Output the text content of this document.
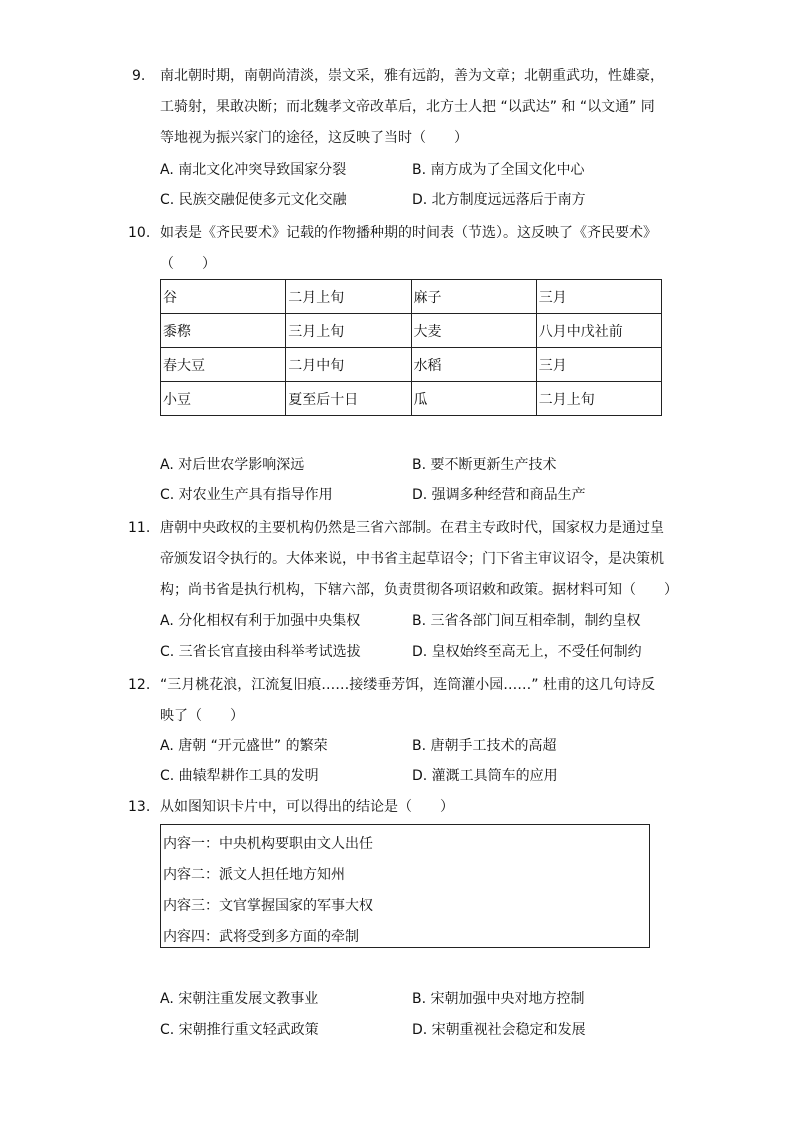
9.	南北朝时期，南朝尚清淡，崇文采，雅有远韵，善为文章；北朝重武功，性雄豪，
工骑射，果敢决断；而北魏孝文帝改革后，北方士人把 “以武达” 和 “以文通” 同
等地视为振兴家门的途径，这反映了当时（　　）
A. 南北文化冲突导致国家分裂	B. 南方成为了全国文化中心
C. 民族交融促使多元文化交融	D. 北方制度远远落后于南方
10. 如表是《齐民要术》记载的作物播种期的时间表（节选）。这反映了《齐民要术》
（　　）
谷	二月上旬	麻子	三月
黍穄	三月上旬	大麦	八月中戊社前
春大豆	二月中旬	水稻	三月
小豆	夏至后十日	瓜	二月上旬
A. 对后世农学影响深远	B. 要不断更新生产技术
C. 对农业生产具有指导作用	D. 强调多种经营和商品生产
11. 唐朝中央政权的主要机构仍然是三省六部制。在君主专政时代，国家权力是通过皇
帝颁发诏令执行的。大体来说，中书省主起草诏令；门下省主审议诏令，是决策机
构；尚书省是执行机构，下辖六部，负责贯彻各项诏敕和政策。据材料可知（　　）
A. 分化相权有利于加强中央集权	B. 三省各部门间互相牵制，制约皇权
C. 三省长官直接由科举考试选拔	D. 皇权始终至高无上，不受任何制约
12. “三月桃花浪，江流复旧痕……接缕垂芳饵，连筒灌小园……” 杜甫的这几句诗反
映了（　　）
A. 唐朝 “开元盛世” 的繁荣	B. 唐朝手工技术的高超
C. 曲辕犁耕作工具的发明	D. 灌溉工具筒车的应用
13. 从如图知识卡片中，可以得出的结论是（　　）
内容一：中央机构要职由文人出任
内容二：派文人担任地方知州
内容三：文官掌握国家的军事大权
内容四：武将受到多方面的牵制
A. 宋朝注重发展文教事业	B. 宋朝加强中央对地方控制
C. 宋朝推行重文轻武政策	D. 宋朝重视社会稳定和发展
